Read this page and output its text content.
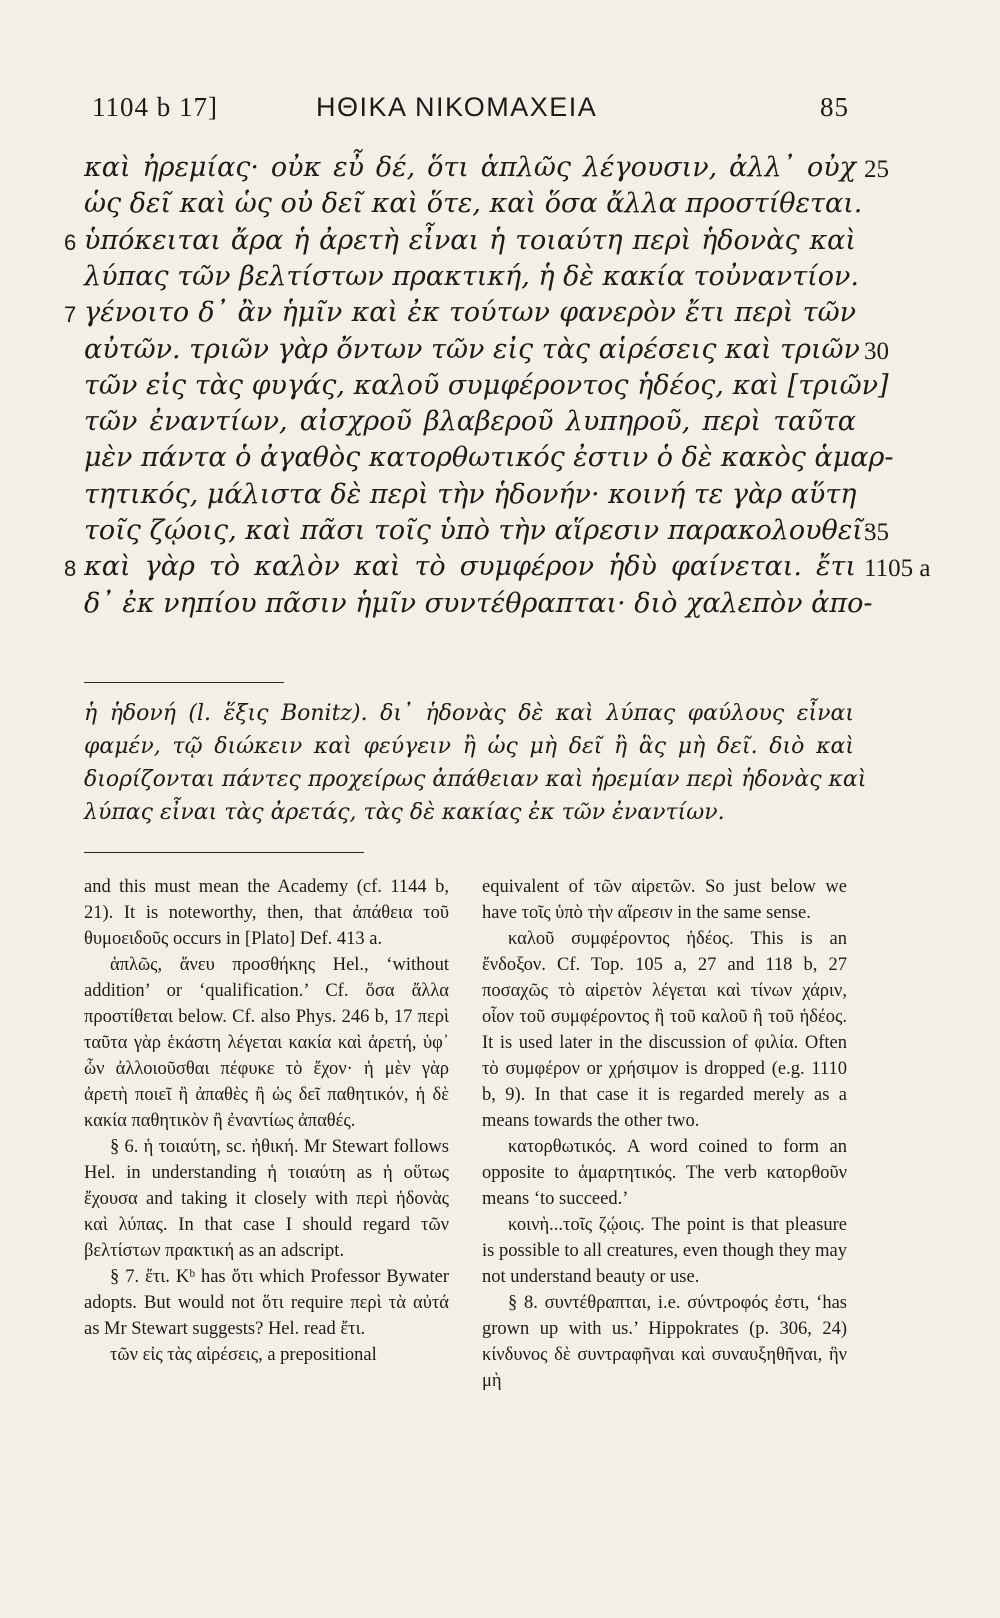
1104 b 17]	ΗΘΙΚΑ ΝΙΚΟΜΑΧΕΙΑ	85
καὶ ἠρεμίας· οὐκ εὖ δέ, ὅτι ἁπλῶς λέγουσιν, ἀλλ᾽ οὐχ 25
ὡς δεῖ καὶ ὡς οὐ δεῖ καὶ ὅτε, καὶ ὅσα ἄλλα προστίθεται.
ὑπόκειται ἄρα ἡ ἀρετὴ εἶναι ἡ τοιαύτη περὶ ἡδονὰς καὶ
6
λύπας τῶν βελτίστων πρακτική, ἡ δὲ κακία τοὐναντίον.
γένοιτο δ᾽ ἂν ἡμῖν καὶ ἐκ τούτων φανερὸν ἔτι περὶ τῶν
7
αὐτῶν. τριῶν γὰρ ὄντων τῶν εἰς τὰς αἱρέσεις καὶ τριῶν 30
τῶν εἰς τὰς φυγάς, καλοῦ συμφέροντος ἡδέος, καὶ [τριῶν]
τῶν ἐναντίων, αἰσχροῦ βλαβεροῦ λυπηροῦ, περὶ ταῦτα
μὲν πάντα ὁ ἀγαθὸς κατορθωτικός ἐστιν ὁ δὲ κακὸς ἁμαρ-
τητικός, μάλιστα δὲ περὶ τὴν ἡδονήν· κοινή τε γὰρ αὕτη
τοῖς ζῴοις, καὶ πᾶσι τοῖς ὑπὸ τὴν αἵρεσιν παρακολουθεῖ·
35
καὶ γὰρ τὸ καλὸν καὶ τὸ συμφέρον ἡδὺ φαίνεται. ἔτι
8	1105 a
δ᾽ ἐκ νηπίου πᾶσιν ἡμῖν συντέθραπται· διὸ χαλεπὸν ἀπο-
ἡ ἡδονή (l. ἕξις Bonitz). δι᾽ ἡδονὰς δὲ καὶ λύπας φαύλους εἶναι
φαμέν, τῷ διώκειν καὶ φεύγειν ἢ ὡς μὴ δεῖ ἢ ἃς μὴ δεῖ. διὸ καὶ
διορίζονται πάντες προχείρως ἀπάθειαν καὶ ἠρεμίαν περὶ ἡδονὰς καὶ
λύπας εἶναι τὰς ἀρετάς, τὰς δὲ κακίας ἐκ τῶν ἐναντίων.

and this must mean the Academy (cf. 1144 b, 21). It is noteworthy, then, that ἀπάθεια τοῦ θυμοειδοῦς occurs in [Plato] Def. 413 a.

ἁπλῶς, ἄνευ προσθήκης Hel., ‘without addition’ or ‘qualification.’ Cf. ὅσα ἄλλα προστίθεται below. Cf. also Phys. 246 b, 17 περὶ ταῦτα γὰρ ἑκάστη λέγεται κακία καὶ ἀρετή, ὑφ᾽ ὧν ἀλλοιοῦσθαι πέφυκε τὸ ἔχον· ἡ μὲν γὰρ ἀρετὴ ποιεῖ ἢ ἀπαθὲς ἢ ὡς δεῖ παθητικόν, ἡ δὲ κακία παθητικὸν ἢ ἐναντίως ἀπαθές.

§ 6. ἡ τοιαύτη, sc. ἠθική. Mr Stewart follows Hel. in understanding ἡ τοιαύτη as ἡ οὕτως ἔχουσα and taking it closely with περὶ ἡδονὰς καὶ λύπας. In that case I should regard τῶν βελτίστων πρακτική as an adscript.

§ 7. ἔτι. Kᵇ has ὅτι which Professor Bywater adopts. But would not ὅτι require περὶ τὰ αὐτά as Mr Stewart suggests? Hel. read ἔτι.

τῶν εἰς τὰς αἱρέσεις, a prepositional

equivalent of τῶν αἱρετῶν. So just below we have τοῖς ὑπὸ τὴν αἵρεσιν in the same sense.

καλοῦ συμφέροντος ἡδέος. This is an ἔνδοξον. Cf. Top. 105 a, 27 and 118 b, 27 ποσαχῶς τὸ αἱρετὸν λέγεται καὶ τίνων χάριν, οἷον τοῦ συμφέροντος ἢ τοῦ καλοῦ ἢ τοῦ ἡδέος. It is used later in the discussion of φιλία. Often τὸ συμφέρον or χρήσιμον is dropped (e.g. 1110 b, 9). In that case it is regarded merely as a means towards the other two.

κατορθωτικός. A word coined to form an opposite to ἁμαρτητικός. The verb κατορθοῦν means ‘to succeed.’

κοινὴ...τοῖς ζῴοις. The point is that pleasure is possible to all creatures, even though they may not understand beauty or use.

§ 8. συντέθραπται, i.e. σύντροφός ἐστι, ‘has grown up with us.’ Hippokrates (p. 306, 24) κίνδυνος δὲ συντραφῆναι καὶ συναυξηθῆναι, ἣν μὴ
